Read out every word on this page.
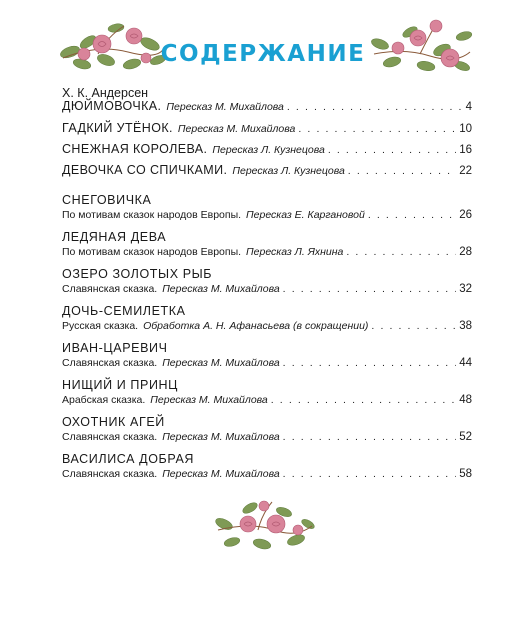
СОДЕРЖАНИЕ
Х. К. Андерсен
ДЮЙМОВОЧКА. Пересказ М. Михайлова . . .	4
ГАДКИЙ УТЁНОК. Пересказ М. Михайлова . . .	10
СНЕЖНАЯ КОРОЛЕВА. Пересказ Л. Кузнецова . . .	16
ДЕВОЧКА СО СПИЧКАМИ. Пересказ Л. Кузнецова . . .	22
СНЕГОВИЧКА
По мотивам сказок народов Европы. Пересказ Е. Каргановой . . .	26
ЛЕДЯНАЯ ДЕВА
По мотивам сказок народов Европы. Пересказ Л. Яхнина . . .	28
ОЗЕРО ЗОЛОТЫХ РЫБ
Славянская сказка. Пересказ М. Михайлова . . .	32
ДОЧЬ-СЕМИЛЕТКА
Русская сказка. Обработка А. Н. Афанасьева (в сокращении) . . .	38
ИВАН-ЦАРЕВИЧ
Славянская сказка. Пересказ М. Михайлова . . .	44
НИЩИЙ И ПРИНЦ
Арабская сказка. Пересказ М. Михайлова . . .	48
ОХОТНИК АГЕЙ
Славянская сказка. Пересказ М. Михайлова . . .	52
ВАСИЛИСА ДОБРАЯ
Славянская сказка. Пересказ М. Михайлова . . .	58
